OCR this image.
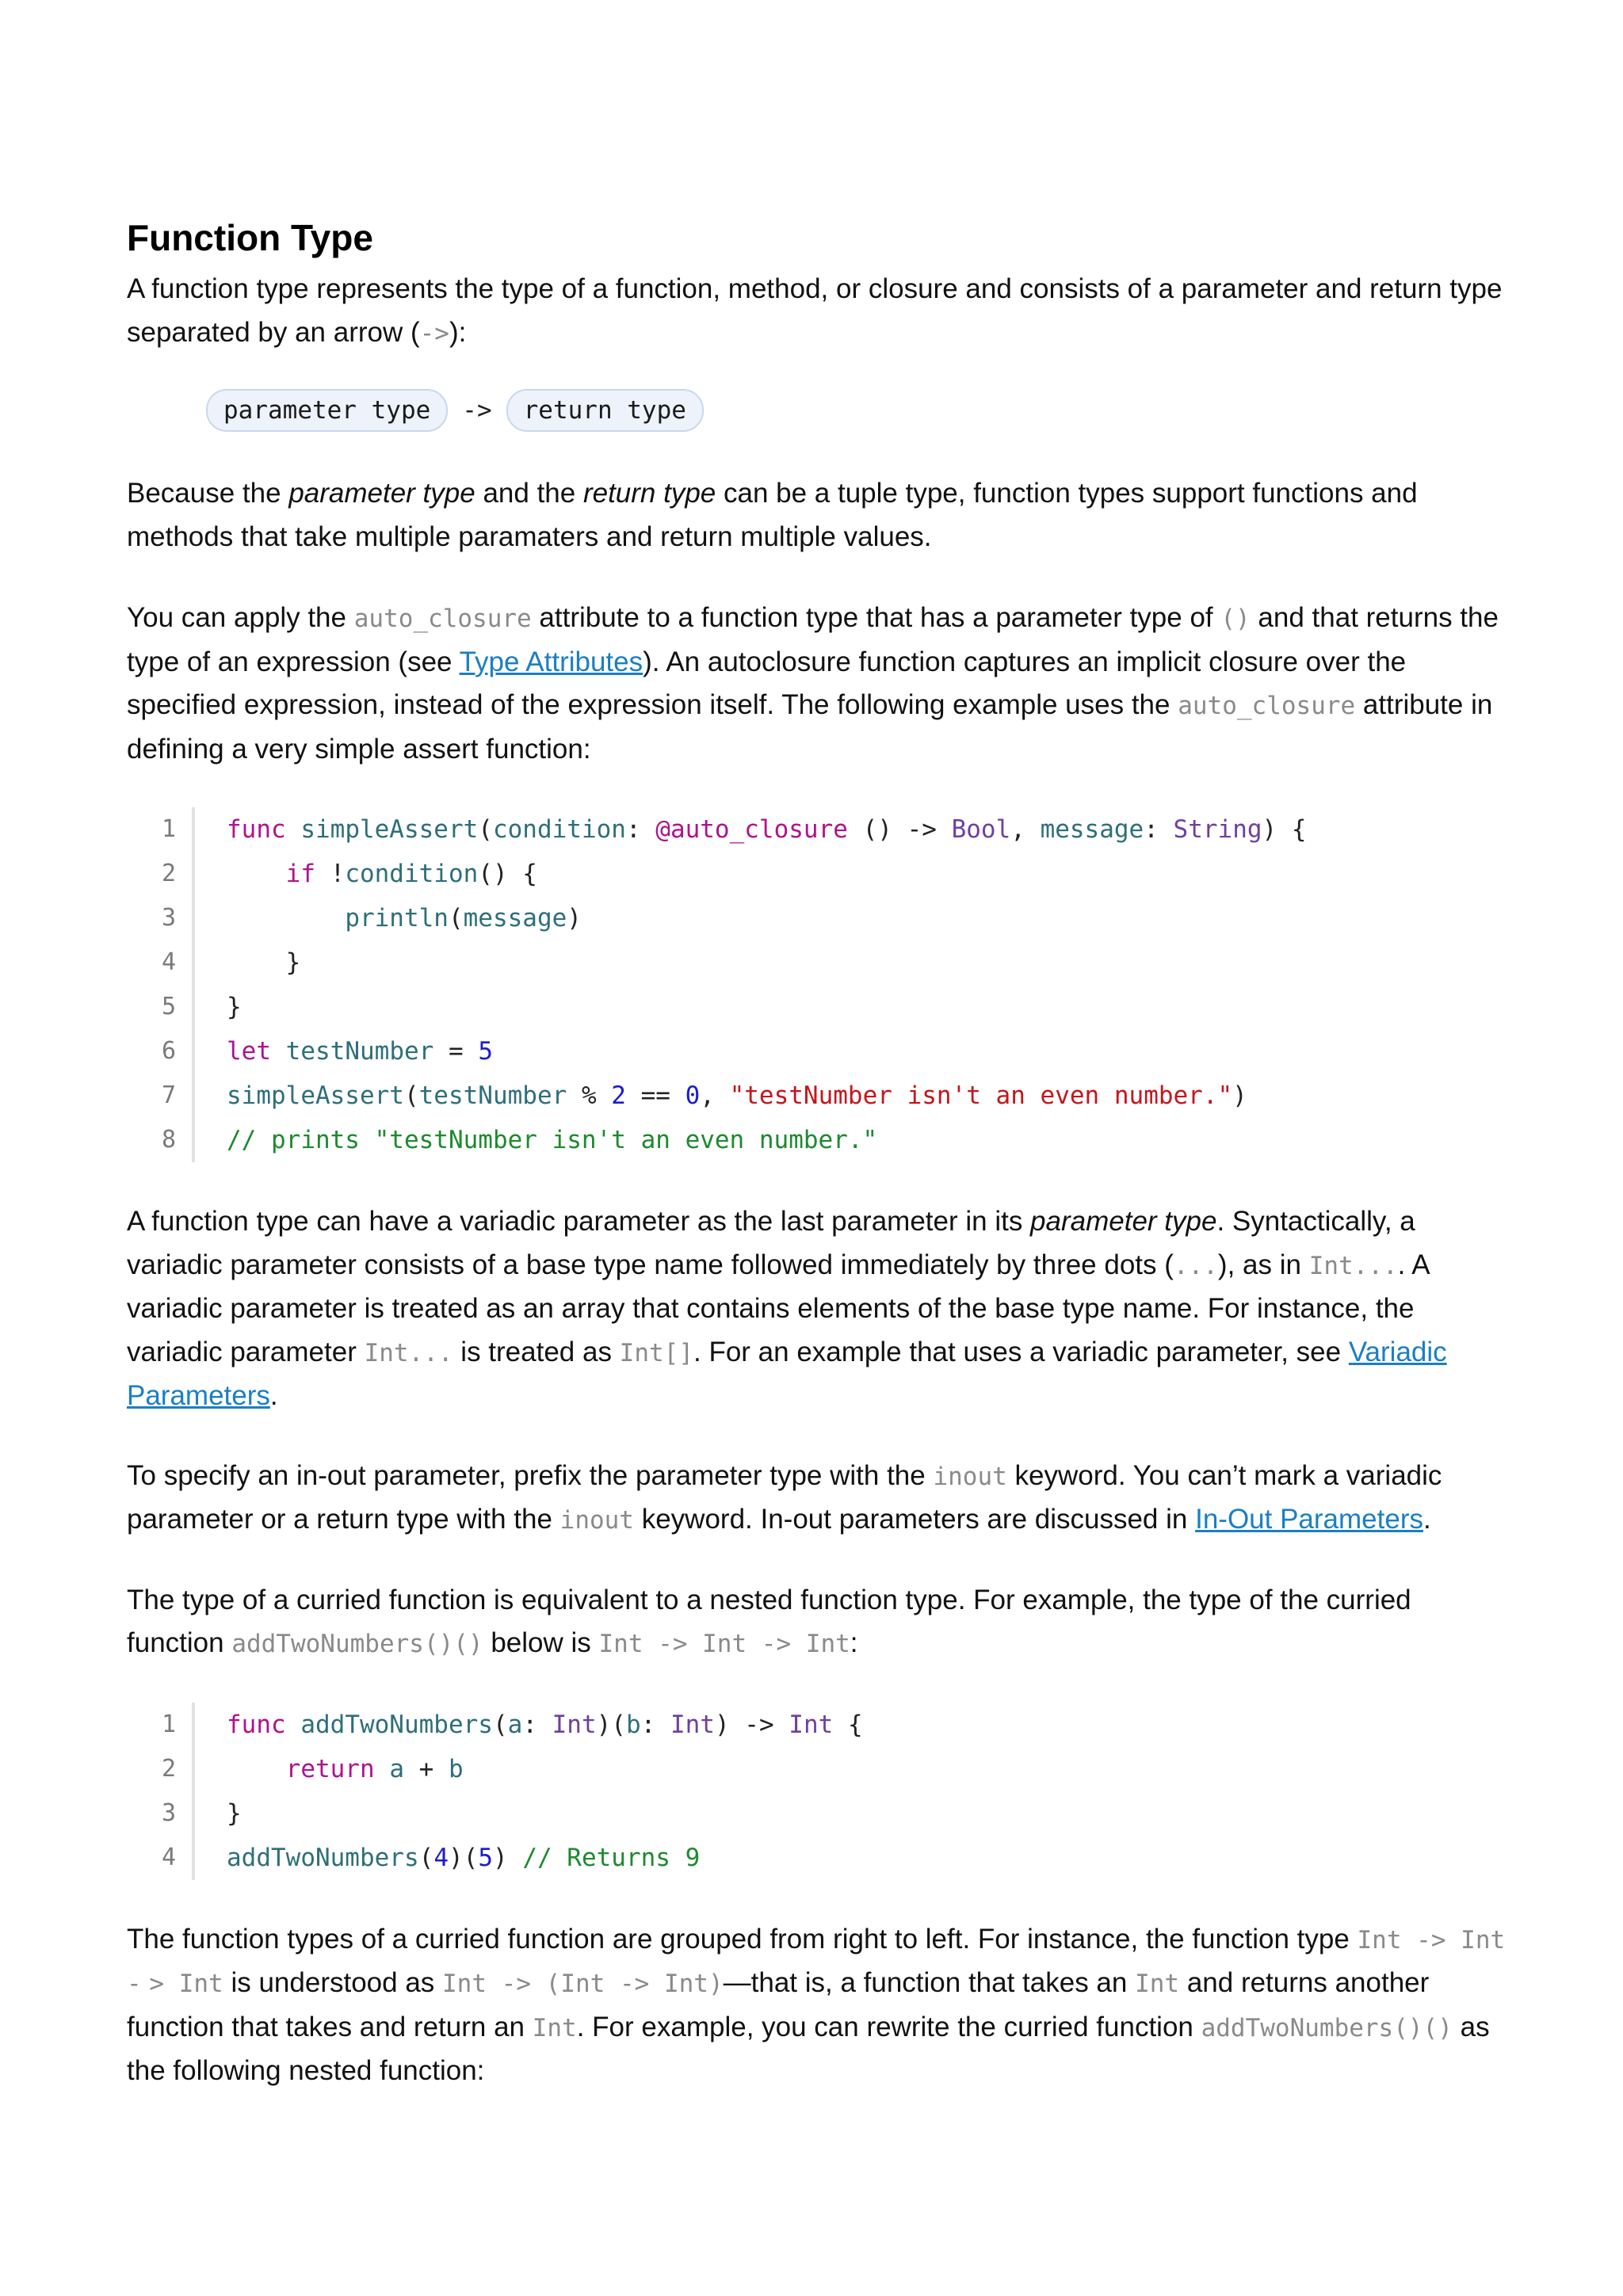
Function Type

A function type represents the type of a function, method, or closure and consists of a parameter and return type separated by an arrow (->):

parameter type	->	return type

Because the parameter type and the return type can be a tuple type, function types support functions and methods that take multiple paramaters and return multiple values.

You can apply the auto_closure attribute to a function type that has a parameter type of () and that returns the type of an expression (see Type Attributes). An autoclosure function captures an implicit closure over the specified expression, instead of the expression itself. The following example uses the auto_closure attribute in defining a very simple assert function:

1	func simpleAssert(condition: @auto_closure () -> Bool, message: String) {
2	if !condition() {
3	println(message)
4	}
5	}
6	let testNumber = 5
7	simpleAssert(testNumber % 2 == 0, "testNumber isn't an even number.")
8	// prints "testNumber isn't an even number."

A function type can have a variadic parameter as the last parameter in its parameter type. Syntactically, a variadic parameter consists of a base type name followed immediately by three dots (...), as in Int.... A variadic parameter is treated as an array that contains elements of the base type name. For instance, the variadic parameter Int... is treated as Int[]. For an example that uses a variadic parameter, see Variadic Parameters.

To specify an in-out parameter, prefix the parameter type with the inout keyword. You can’t mark a variadic parameter or a return type with the inout keyword. In-out parameters are discussed in In-Out Parameters.

The type of a curried function is equivalent to a nested function type. For example, the type of the curried function addTwoNumbers()() below is Int -> Int -> Int:

1	func addTwoNumbers(a: Int)(b: Int) -> Int {
2	return a + b
3	}
4	addTwoNumbers(4)(5) // Returns 9

The function types of a curried function are grouped from right to left. For instance, the function type Int -> Int - > Int is understood as Int -> (Int -> Int)—that is, a function that takes an Int and returns another function that takes and return an Int. For example, you can rewrite the curried function addTwoNumbers()() as the following nested function:
